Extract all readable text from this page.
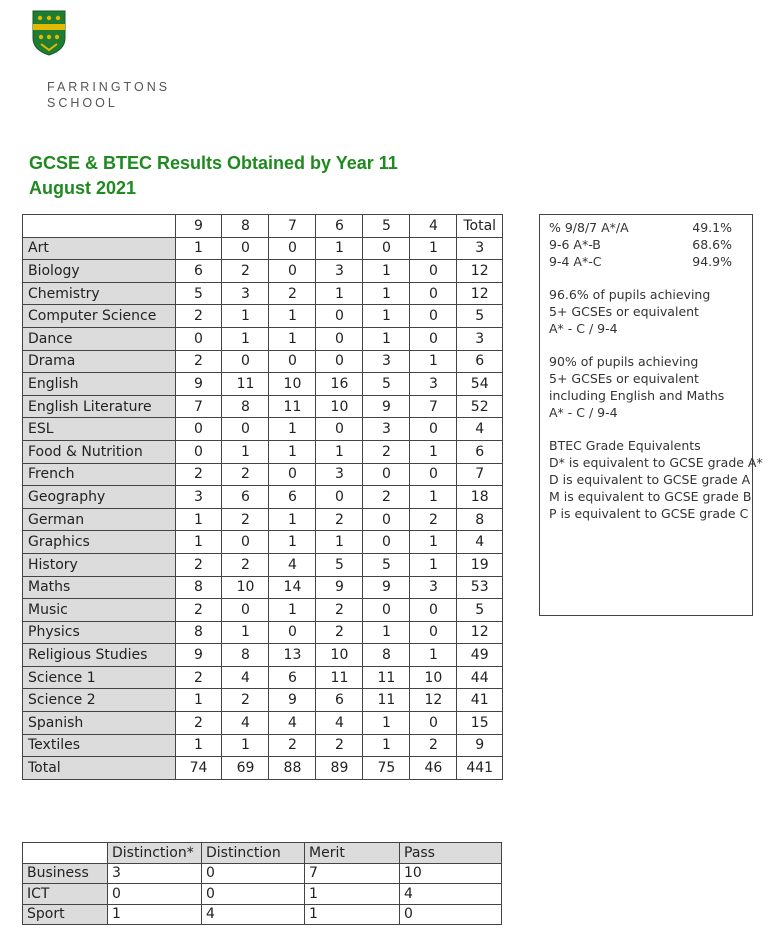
FARRINGTONS
SCHOOL
GCSE & BTEC Results Obtained by Year 11
August 2021
	9	8	7	6	5	4	Total
Art	1	0	0	1	0	1	3
Biology	6	2	0	3	1	0	12
Chemistry	5	3	2	1	1	0	12
Computer Science	2	1	1	0	1	0	5
Dance	0	1	1	0	1	0	3
Drama	2	0	0	0	3	1	6
English	9	11	10	16	5	3	54
English Literature	7	8	11	10	9	7	52
ESL	0	0	1	0	3	0	4
Food & Nutrition	0	1	1	1	2	1	6
French	2	2	0	3	0	0	7
Geography	3	6	6	0	2	1	18
German	1	2	1	2	0	2	8
Graphics	1	0	1	1	0	1	4
History	2	2	4	5	5	1	19
Maths	8	10	14	9	9	3	53
Music	2	0	1	2	0	0	5
Physics	8	1	0	2	1	0	12
Religious Studies	9	8	13	10	8	1	49
Science 1	2	4	6	11	11	10	44
Science 2	1	2	9	6	11	12	41
Spanish	2	4	4	4	1	0	15
Textiles	1	1	2	2	1	2	9
Total	74	69	88	89	75	46	441
% 9/8/7 A*/A	49.1%
9-6 A*-B	68.6%
9-4 A*-C	94.9%
96.6% of pupils achieving
5+ GCSEs or equivalent
A* - C / 9-4
90% of pupils achieving
5+ GCSEs or equivalent
including English and Maths
A* - C / 9-4
BTEC Grade Equivalents
D* is equivalent to GCSE grade A*
D is equivalent to GCSE grade A
M is equivalent to GCSE grade B
P is equivalent to GCSE grade C
	Distinction*	Distinction	Merit	Pass
Business	3	0	7	10
ICT	0	0	1	4
Sport	1	4	1	0
